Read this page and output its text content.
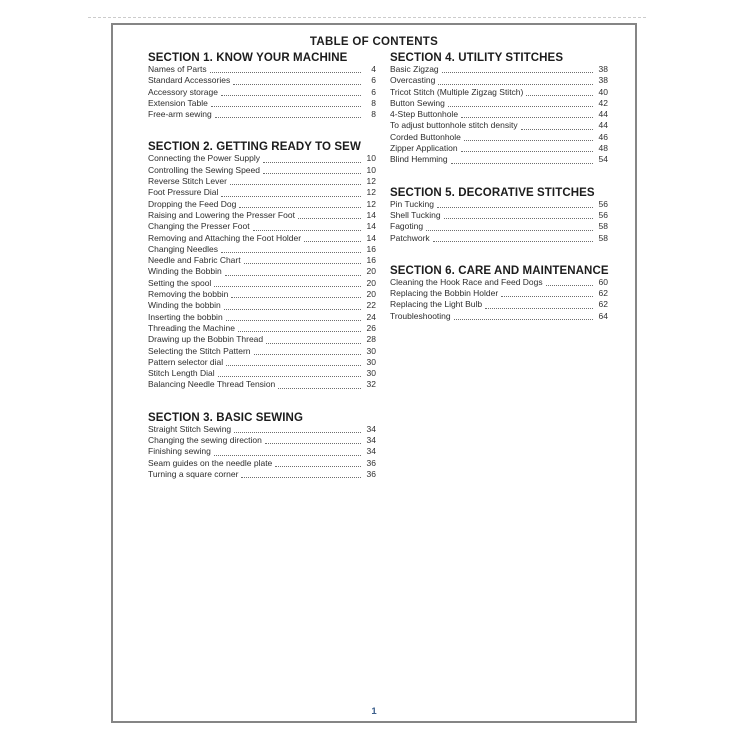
TABLE OF CONTENTS
SECTION 1. KNOW YOUR MACHINE
Names of Parts	4
Standard Accessories	6
Accessory storage	6
Extension Table	8
Free-arm sewing	8
SECTION 2. GETTING READY TO SEW
Connecting the Power Supply	10
Controlling the Sewing Speed	10
Reverse Stitch Lever	12
Foot Pressure Dial	12
Dropping the Feed Dog	12
Raising and Lowering the Presser Foot	14
Changing the Presser Foot	14
Removing and Attaching the Foot Holder	14
Changing Needles	16
Needle and Fabric Chart	16
Winding the Bobbin	20
Setting the spool	20
Removing the bobbin	20
Winding the bobbin	22
Inserting the bobbin	24
Threading the Machine	26
Drawing up the Bobbin Thread	28
Selecting the Stitch Pattern	30
Pattern selector dial	30
Stitch Length Dial	30
Balancing Needle Thread Tension	32
SECTION 3. BASIC SEWING
Straight Stitch Sewing	34
Changing the sewing direction	34
Finishing sewing	34
Seam guides on the needle plate	36
Turning a square corner	36
SECTION 4. UTILITY STITCHES
Basic Zigzag	38
Overcasting	38
Tricot Stitch (Multiple Zigzag Stitch)	40
Button Sewing	42
4-Step Buttonhole	44
To adjust buttonhole stitch density	44
Corded Buttonhole	46
Zipper Application	48
Blind Hemming	54
SECTION 5. DECORATIVE STITCHES
Pin Tucking	56
Shell Tucking	56
Fagoting	58
Patchwork	58
SECTION 6. CARE AND MAINTENANCE
Cleaning the Hook Race and Feed Dogs	60
Replacing the Bobbin Holder	62
Replacing the Light Bulb	62
Troubleshooting	64
1
